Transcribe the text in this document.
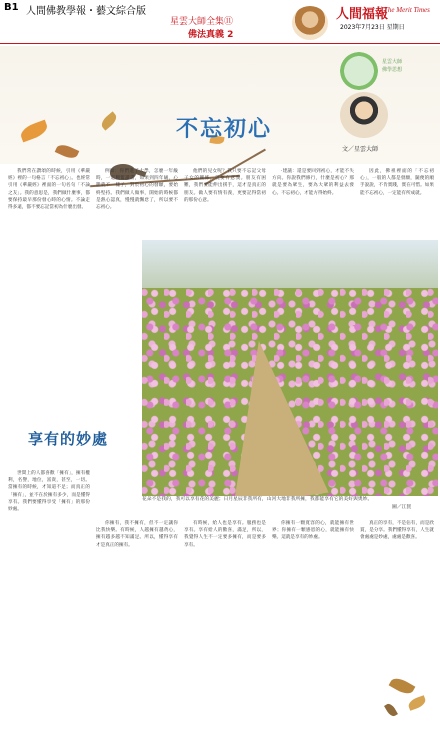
B1 人間佛教學報・藝文綜合版
星雲大師全集⑪
佛法真義 2
人間福報
The Merit Times
2023年7月23日 星期日
不忘初心
星雲大師
佛學思想
文／星雲大師

我們常在讚頌的時候，引用《華嚴經》裡的一句格言「不忘初心」。也經常引用《華嚴經》裡面的一句名句「不論之友」。我的意思是，我們做什麼事，都要保持最早那份發心時的心情。不論走得多遠，都不要忘記當初為什麼出發。

例如：你們進了大學，怎麼一年級時，一定興奮讀書，如果到四年級，心態就不一樣了，對於初心的發願，要始終堅持。我們做人做事，開始的時候都是熱心認真，慢慢就懈怠了，所以要不忘初心。

他們的兒女呢？我只要不忘記父母子女的關係，就要有意義。朋友有困難，我們要能伸出援手，這才是真正的朋友。做人要有情有義，更要記得當初的那份心意。

‧建議：還是要回到初心，才能不失方向。你說我們修行，什麼是初心？那就是要為眾生，要為大眾的利益去發心。不忘初心，才能方得始終。

因此，佛祖裡面的「不忘初心」，一般的人都是發願，隨便的順手說說，不肯實踐，實在可惜。如果能不忘初心，一定能有所成就。

花朵不是我的，我可以享有花的美麗；日月星辰非我所有，山河大地非我所擁，我都能享有它的美好與奧妙。

圖／江賀
享有的妙處

世間上的人都喜歡「擁有」，擁有權利，名譽，地位，富貴，甚至，一切。當擁有的時候，才知道不足；而真正的「擁有」，並不在於擁有多少，而是懂得享有。我們要懂得享受「擁有」的那份妙處。

你擁有，我不擁有，但不一定讓你比我快樂。有時候，人越擁有越貪心，擁有越多越不知滿足。所以，懂得享有才是真正的擁有。

有時候，給人也是享有。服務也是享有。享有給人的歡喜，滿足，所以，我覺得人生不一定要多擁有，而是要多享有。

你擁有一顆寬容的心，就能擁有世界；你擁有一顆感恩的心，就能擁有快樂。這就是享有的妙處。

真正的享有，不是佔有，而是欣賞，是分享。我們懂得享有，人生就會處處是妙處，處處是歡喜。
